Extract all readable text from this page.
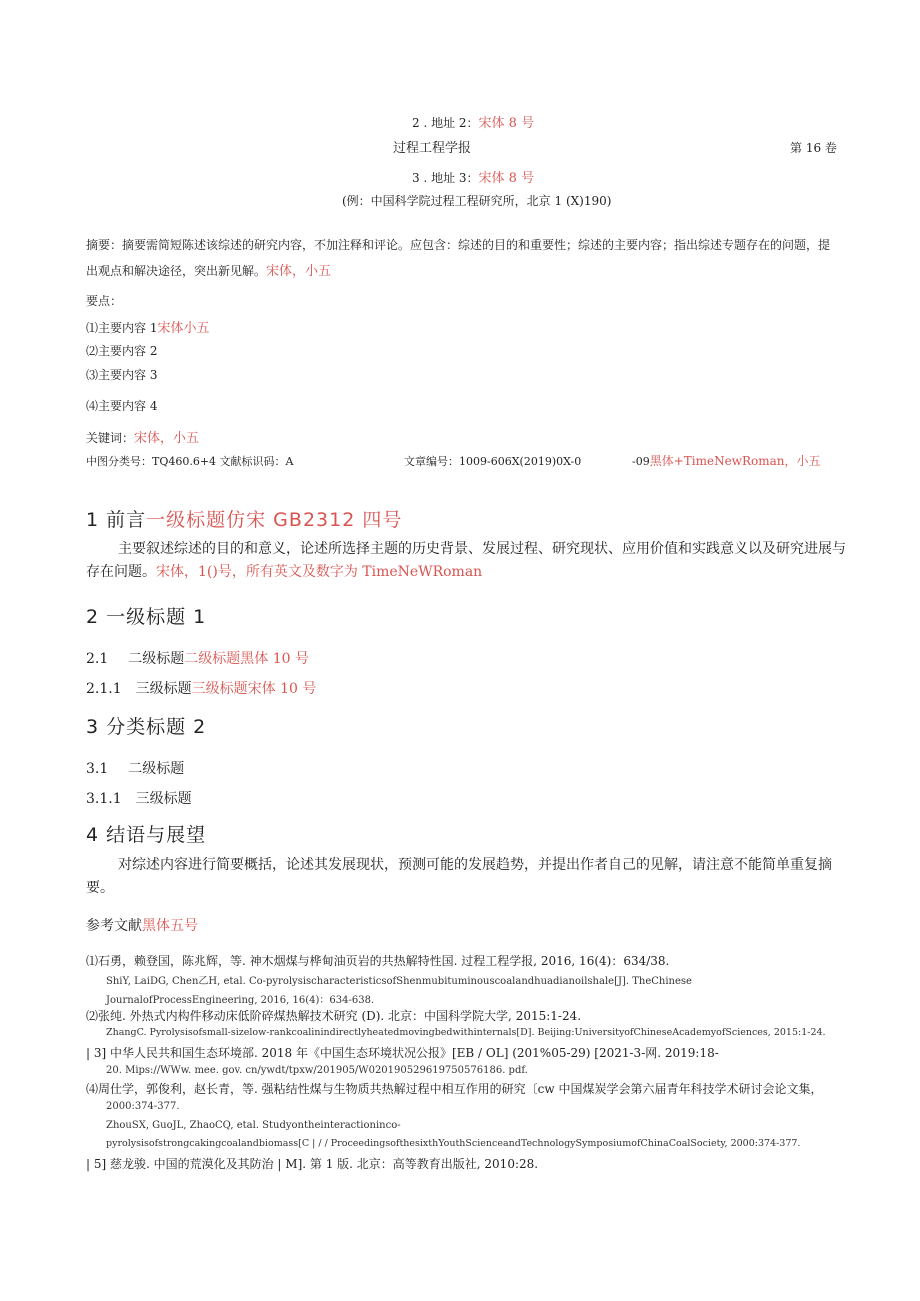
2 . 地址 2：宋体 8 号
过程工程学报	第 16 卷
3 . 地址 3：宋体 8 号
(例：中国科学院过程工程研究所，北京 1 (X)190)
摘要：摘要需简短陈述该综述的研究内容，不加注释和评论。应包含：综述的目的和重要性；综述的主要内容；指出综述专题存在的问题，提
出观点和解决途径，突出新见解。宋体，小五
要点：
⑴主要内容 1宋体小五
⑵主要内容 2
⑶主要内容 3
⑷主要内容 4
关键词：宋体，小五
中图分类号：TQ460.6+4 文献标识码：A	文章编号：1009-606X(2019)0X-0	-09黑体+TimeNewRoman，小五
1 前言一级标题仿宋 GB2312 四号
主要叙述综述的目的和意义，论述所选择主题的历史背景、发展过程、研究现状、应用价值和实践意义以及研究进展与存在问题。宋体，1()号，所有英文及数字为 TimeNeWRoman
2 一级标题 1
2.1 二级标题二级标题黑体 10 号
2.1.1 三级标题三级标题宋体 10 号
3 分类标题 2
3.1 二级标题
3.1.1 三级标题
4 结语与展望
对综述内容进行简要概括，论述其发展现状，预测可能的发展趋势，并提出作者自己的见解，请注意不能简单重复摘要。
参考文献黑体五号
⑴石勇，赖登国，陈兆辉，等. 神木烟煤与桦甸油页岩的共热解特性国. 过程工程学报, 2016, 16(4)：634/38.
ShiY, LaiDG, Chen乙H, etal. Co-pyrolysischaracteristicsofShenmubituminouscoalandhuadianoilshale[J]. TheChinese
JournalofProcessEngineering, 2016, 16(4)：634-638.
⑵张纯. 外热式内构件移动床低阶碎煤热解技术研究 (D). 北京：中国科学院大学, 2015:1-24.
ZhangC. Pyrolysisofsmall-sizelow-rankcoalinindirectlyheatedmovingbedwithinternals[D]. Beijing:UniversityofChineseAcademyofSciences, 2015:1-24.
| 3] 中华人民共和国生态环境部. 2018 年《中国生态环境状况公报》[EB / OL] (201%05-29) [2021-3-网. 2019:18-
20. Mips://WWw. mee. gov. cn/ywdt/tpxw/201905/W020190529619750576186. pdf.
⑷周仕学，郭俊利，赵长青，等. 强粘结性煤与生物质共热解过程中相互作用的研究〔cw 中国煤炭学会第六届青年科技学术研讨会论文集，
2000:374-377.
ZhouSX, GuoJL, ZhaoCQ, etal. Studyontheinteractioninco-
pyrolysisofstrongcakingcoalandbiomass[C | / / ProceedingsofthesixthYouthScienceandTechnologySymposiumofChinaCoalSociety, 2000:374-377.
| 5] 慈龙骏. 中国的荒漠化及其防治 | M]. 第 1 版. 北京：高等教育出版社, 2010:28.
